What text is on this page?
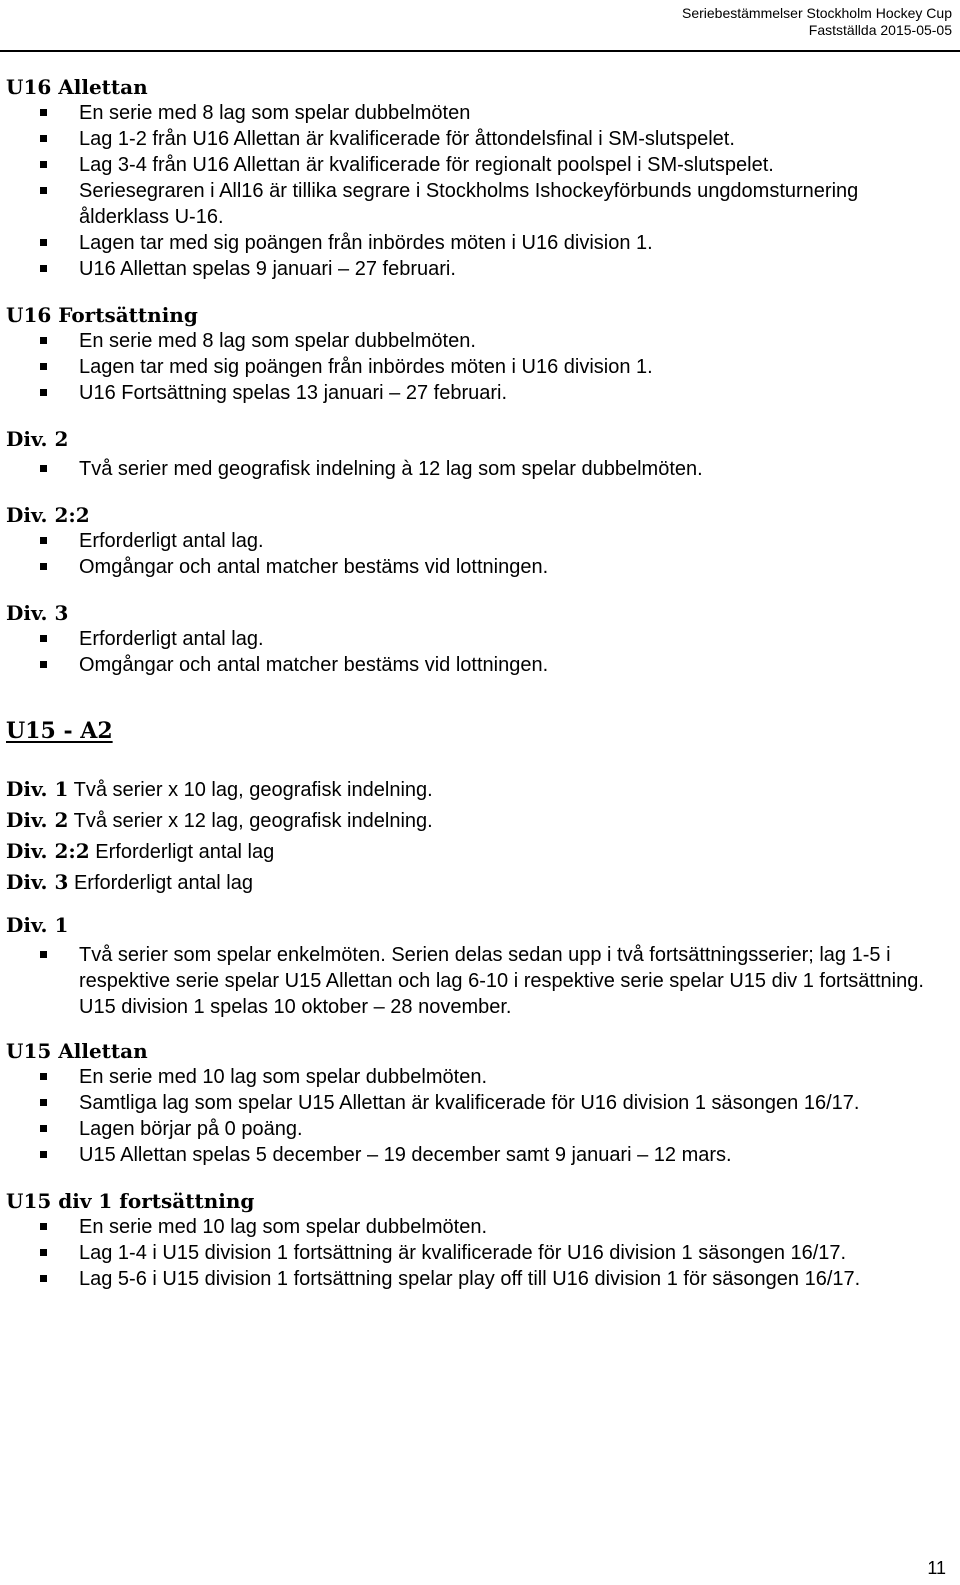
Seriebestämmelser Stockholm Hockey Cup
Fastställda 2015-05-05
U16 Allettan
En serie med 8 lag som spelar dubbelmöten
Lag 1-2 från U16 Allettan är kvalificerade för åttondelsfinal i SM-slutspelet.
Lag 3-4 från U16 Allettan är kvalificerade för regionalt poolspel i SM-slutspelet.
Seriesegraren i All16 är tillika segrare i Stockholms Ishockeyförbunds ungdomsturnering ålderklass U-16.
Lagen tar med sig poängen från inbördes möten i U16 division 1.
U16 Allettan spelas 9 januari – 27 februari.
U16 Fortsättning
En serie med 8 lag som spelar dubbelmöten.
Lagen tar med sig poängen från inbördes möten i U16 division 1.
U16 Fortsättning spelas 13 januari – 27 februari.
Div. 2
Två serier med geografisk indelning à 12 lag som spelar dubbelmöten.
Div. 2:2
Erforderligt antal lag.
Omgångar och antal matcher bestäms vid lottningen.
Div. 3
Erforderligt antal lag.
Omgångar och antal matcher bestäms vid lottningen.
U15 - A2
Div. 1 Två serier x 10 lag, geografisk indelning.
Div. 2 Två serier x 12 lag, geografisk indelning.
Div. 2:2 Erforderligt antal lag
Div. 3 Erforderligt antal lag
Div. 1
Två serier som spelar enkelmöten. Serien delas sedan upp i två fortsättningsserier; lag 1-5 i respektive serie spelar U15 Allettan och lag 6-10 i respektive serie spelar U15 div 1 fortsättning. U15 division 1 spelas 10 oktober – 28 november.
U15 Allettan
En serie med 10 lag som spelar dubbelmöten.
Samtliga lag som spelar U15 Allettan är kvalificerade för U16 division 1 säsongen 16/17.
Lagen börjar på 0 poäng.
U15 Allettan spelas 5 december – 19 december samt 9 januari – 12 mars.
U15 div 1 fortsättning
En serie med 10 lag som spelar dubbelmöten.
Lag 1-4 i U15 division 1 fortsättning är kvalificerade för U16 division 1 säsongen 16/17.
Lag 5-6 i U15 division 1 fortsättning spelar play off till U16 division 1 för säsongen 16/17.
11
